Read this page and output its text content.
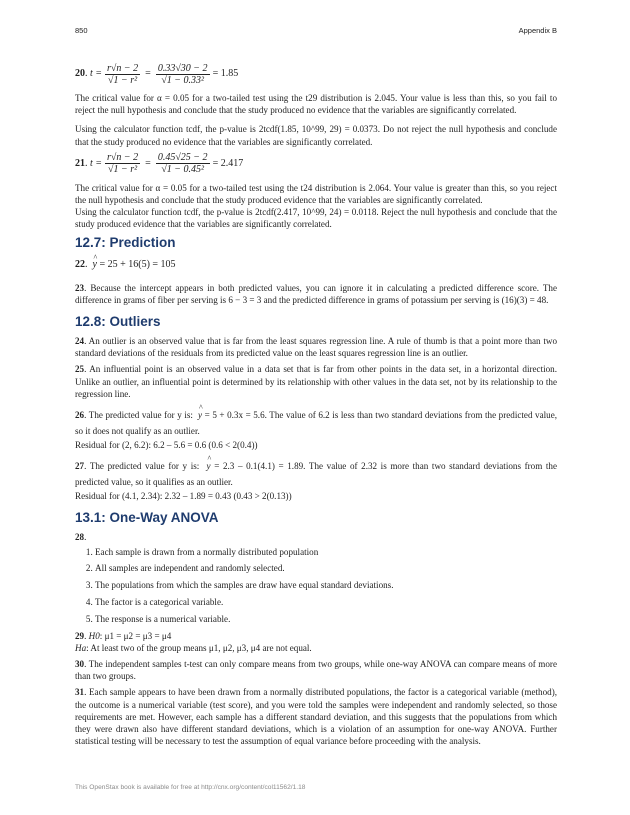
850	Appendix B
20 . $t = \frac{r√n - 2}{\text{√1 − r²}} = \frac{0.33√30 - 2}{\text{√1 − 0.33²}} = 1.85$

The critical value for α = 0.05 for a two-tailed test using the t29 distribution is 2.045. Your value is less than this, so you fail to reject the null hypothesis and conclude that the study produced no evidence that the variables are significantly correlated.

Using the calculator function tcdf, the p-value is 2tcdf(1.85, 10^99, 29) = 0.0373. Do not reject the null hypothesis and conclude that the study produced no evidence that the variables are significantly correlated.

21 . $t = \frac{r√n - 2}{\text{√1 − r²}} = \frac{0.45√25 - 2}{\text{√1 − 0.45²}} = 2.417$

The critical value for α = 0.05 for a two-tailed test using the t24 distribution is 2.064. Your value is greater than this, so you reject the null hypothesis and conclude that the study produced evidence that the variables are significantly correlated.

Using the calculator function tcdf, the p-value is 2tcdf(2.417, 10^99, 24) = 0.0118. Reject the null hypothesis and conclude that the study produced evidence that the variables are significantly correlated.

12.7: Prediction
22 . ^ y
= 25 + 16(5) = 105

23. Because the intercept appears in both predicted values, you can ignore it in calculating a predicted difference score. The difference in grams of fiber per serving is 6 − 3 = 3 and the predicted difference in grams of potassium per serving is (16)(3) = 48.

12.8: Outliers

24. An outlier is an observed value that is far from the least squares regression line. A rule of thumb is that a point more than two standard deviations of the residuals from its predicted value on the least squares regression line is an outlier.

25. An influential point is an observed value in a data set that is far from other points in the data set, in a horizontal direction. Unlike an outlier, an influential point is determined by its relationship with other values in the data set, not by its relationship to the regression line.

26. The predicted value for y is: ^ y = 5 + 0.3x = 5.6. The value of 6.2 is less than two standard deviations from the predicted value, so it does not qualify as an outlier.

Residual for (2, 6.2): 6.2 – 5.6 = 0.6 (0.6 < 2(0.4))

27. The predicted value for y is: ^ y = 2.3 – 0.1(4.1) = 1.89. The value of 2.32 is more than two standard deviations from the predicted value, so it qualifies as an outlier.

Residual for (4.1, 2.34): 2.32 – 1.89 = 0.43 (0.43 > 2(0.13))

13.1: One-Way ANOVA

28.

1. Each sample is drawn from a normally distributed population
2. All samples are independent and randomly selected.
3. The populations from which the samples are draw have equal standard deviations.
4. The factor is a categorical variable.
5. The response is a numerical variable.

29. H0: μ1 = μ2 = μ3 = μ4

Ha: At least two of the group means μ1, μ2, μ3, μ4 are not equal.

30. The independent samples t-test can only compare means from two groups, while one-way ANOVA can compare means of more than two groups.

31. Each sample appears to have been drawn from a normally distributed populations, the factor is a categorical variable (method), the outcome is a numerical variable (test score), and you were told the samples were independent and randomly selected, so those requirements are met. However, each sample has a different standard deviation, and this suggests that the populations from which they were drawn also have different standard deviations, which is a violation of an assumption for one-way ANOVA. Further statistical testing will be necessary to test the assumption of equal variance before proceeding with the analysis.

This OpenStax book is available for free at http://cnx.org/content/col11562/1.18
